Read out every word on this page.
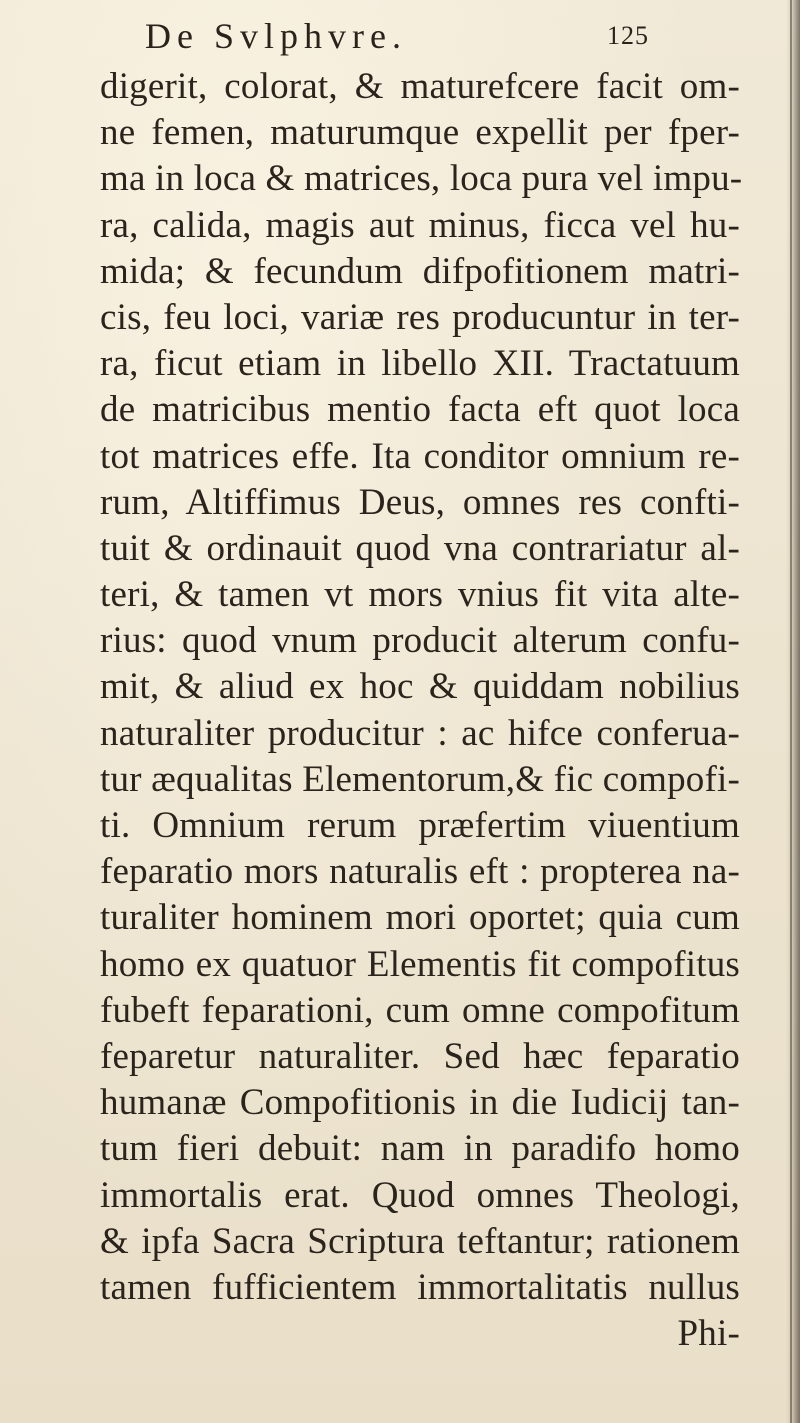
De Svlphvre.	125
digerit, colorat, & maturefcere facit om-
ne femen, maturumque expellit per fper-
ma in loca & matrices, loca pura vel impu-
ra, calida, magis aut minus, ficca vel hu-
mida; & fecundum difpofitionem matri-
cis, feu loci, variæ res producuntur in ter-
ra, ficut etiam in libello XII. Tractatuum
de matricibus mentio facta eft quot loca
tot matrices effe. Ita conditor omnium re-
rum, Altiffimus Deus, omnes res confti-
tuit & ordinauit quod vna contrariatur al-
teri, & tamen vt mors vnius fit vita alte-
rius: quod vnum producit alterum confu-
mit, & aliud ex hoc & quiddam nobilius
naturaliter producitur : ac hifce conferua-
tur æqualitas Elementorum,& fic compofi-
ti. Omnium rerum præfertim viuentium
feparatio mors naturalis eft : propterea na-
turaliter hominem mori oportet; quia cum
homo ex quatuor Elementis fit compofitus
fubeft feparationi, cum omne compofitum
feparetur naturaliter. Sed hæc feparatio
humanæ Compofitionis in die Iudicij tan-
tum fieri debuit: nam in paradifo homo
immortalis erat. Quod omnes Theologi,
& ipfa Sacra Scriptura teftantur; rationem
tamen fufficientem immortalitatis nullus
Phi-
